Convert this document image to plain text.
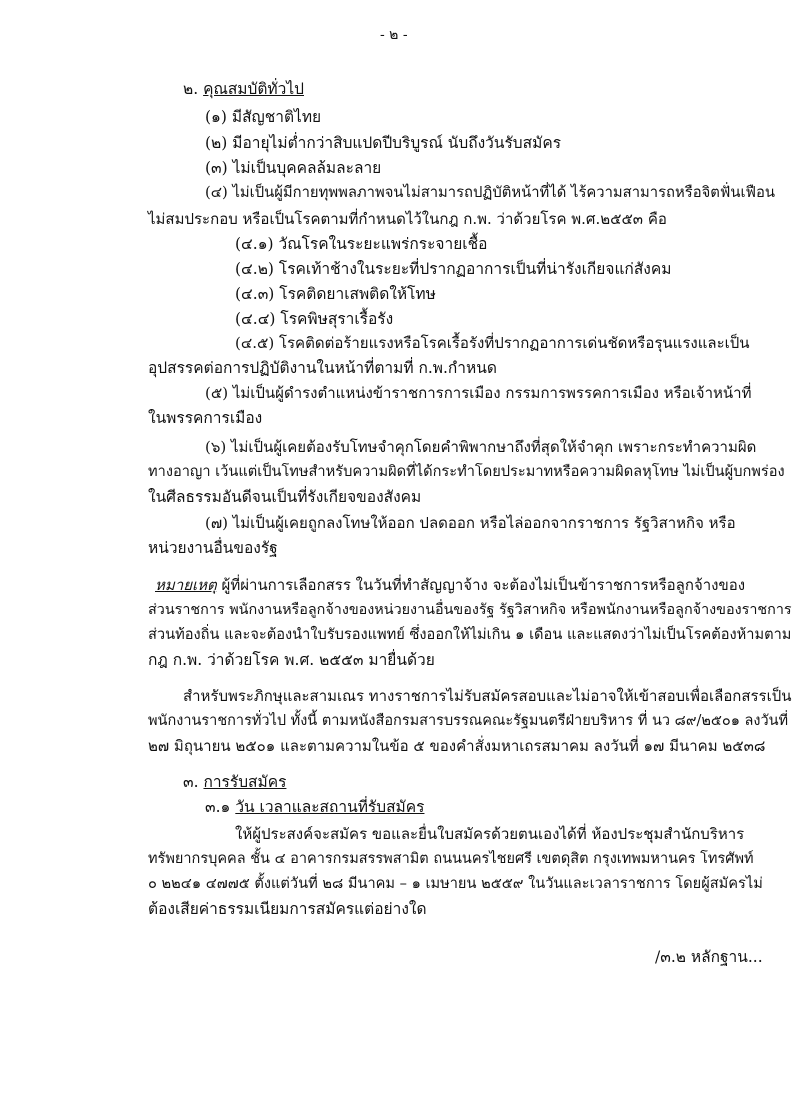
- ๒ -
๒. คุณสมบัติทั่วไป
(๑) มีสัญชาติไทย
(๒) มีอายุไม่ต่ำกว่าสิบแปดปีบริบูรณ์ นับถึงวันรับสมัคร
(๓) ไม่เป็นบุคคลล้มละลาย
(๔) ไม่เป็นผู้มีกายทุพพลภาพจนไม่สามารถปฏิบัติหน้าที่ได้ ไร้ความสามารถหรือจิตฟั่นเฟือน
ไม่สมประกอบ หรือเป็นโรคตามที่กำหนดไว้ในกฎ ก.พ. ว่าด้วยโรค พ.ศ.๒๕๕๓ คือ
(๔.๑) วัณโรคในระยะแพร่กระจายเชื้อ
(๔.๒) โรคเท้าช้างในระยะที่ปรากฏอาการเป็นที่น่ารังเกียจแก่สังคม
(๔.๓) โรคติดยาเสพติดให้โทษ
(๔.๔) โรคพิษสุราเรื้อรัง
(๔.๕) โรคติดต่อร้ายแรงหรือโรคเรื้อรังที่ปรากฏอาการเด่นชัดหรือรุนแรงและเป็น
อุปสรรคต่อการปฏิบัติงานในหน้าที่ตามที่ ก.พ.กำหนด
(๕) ไม่เป็นผู้ดำรงตำแหน่งข้าราชการการเมือง กรรมการพรรคการเมือง หรือเจ้าหน้าที่
ในพรรคการเมือง
(๖) ไม่เป็นผู้เคยต้องรับโทษจำคุกโดยคำพิพากษาถึงที่สุดให้จำคุก เพราะกระทำความผิด
ทางอาญา เว้นแต่เป็นโทษสำหรับความผิดที่ได้กระทำโดยประมาทหรือความผิดลหุโทษ ไม่เป็นผู้บกพร่อง
ในศีลธรรมอันดีจนเป็นที่รังเกียจของสังคม
(๗) ไม่เป็นผู้เคยถูกลงโทษให้ออก ปลดออก หรือไล่ออกจากราชการ รัฐวิสาหกิจ หรือ
หน่วยงานอื่นของรัฐ
หมายเหตุ ผู้ที่ผ่านการเลือกสรร ในวันที่ทำสัญญาจ้าง จะต้องไม่เป็นข้าราชการหรือลูกจ้างของ
ส่วนราชการ พนักงานหรือลูกจ้างของหน่วยงานอื่นของรัฐ รัฐวิสาหกิจ หรือพนักงานหรือลูกจ้างของราชการ
ส่วนท้องถิ่น และจะต้องนำใบรับรองแพทย์ ซึ่งออกให้ไม่เกิน ๑ เดือน และแสดงว่าไม่เป็นโรคต้องห้ามตาม
กฎ ก.พ. ว่าด้วยโรค พ.ศ. ๒๕๕๓ มายื่นด้วย
สำหรับพระภิกษุและสามเณร ทางราชการไม่รับสมัครสอบและไม่อาจให้เข้าสอบเพื่อเลือกสรรเป็น
พนักงานราชการทั่วไป ทั้งนี้ ตามหนังสือกรมสารบรรณคณะรัฐมนตรีฝ่ายบริหาร ที่ นว ๘๙/๒๕๐๑ ลงวันที่
๒๗ มิถุนายน ๒๕๐๑ และตามความในข้อ ๕ ของคำสั่งมหาเถรสมาคม ลงวันที่ ๑๗ มีนาคม ๒๕๓๘
๓. การรับสมัคร
๓.๑ วัน เวลาและสถานที่รับสมัคร
ให้ผู้ประสงค์จะสมัคร ขอและยื่นใบสมัครด้วยตนเองได้ที่ ห้องประชุมสำนักบริหาร
ทรัพยากรบุคคล ชั้น ๔ อาคารกรมสรรพสามิต ถนนนครไชยศรี เขตดุสิต กรุงเทพมหานคร โทรศัพท์
๐ ๒๒๔๑ ๔๗๗๕ ตั้งแต่วันที่ ๒๘ มีนาคม – ๑ เมษายน ๒๕๕๙ ในวันและเวลาราชการ โดยผู้สมัครไม่
ต้องเสียค่าธรรมเนียมการสมัครแต่อย่างใด
/๓.๒ หลักฐาน...
